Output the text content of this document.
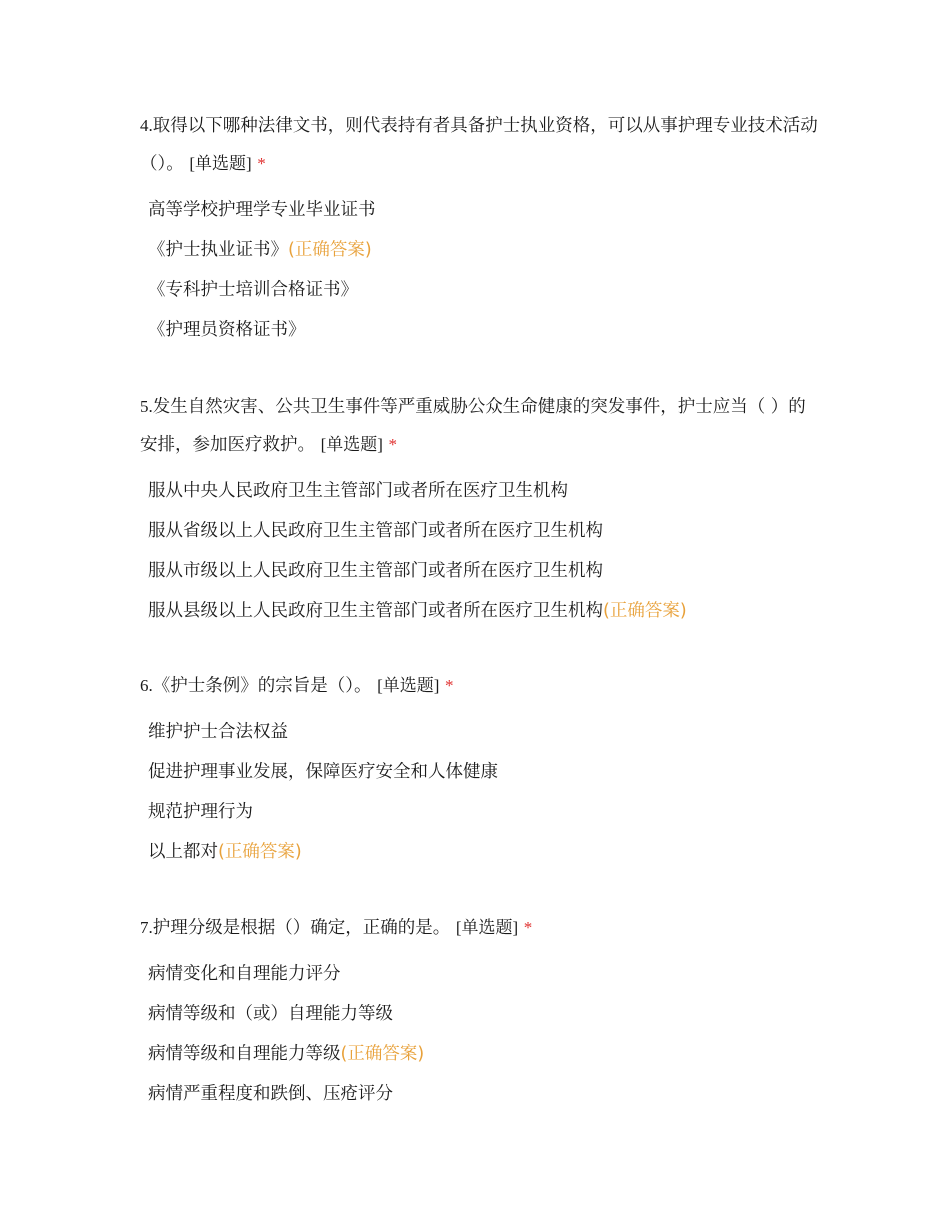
4.取得以下哪种法律文书，则代表持有者具备护士执业资格，可以从事护理专业技术活动（）。 [单选题] *

高等学校护理学专业毕业证书
《护士执业证书》(正确答案)
《专科护士培训合格证书》
《护理员资格证书》

5.发生自然灾害、公共卫生事件等严重威胁公众生命健康的突发事件，护士应当（ ）的安排，参加医疗救护。 [单选题] *

服从中央人民政府卫生主管部门或者所在医疗卫生机构
服从省级以上人民政府卫生主管部门或者所在医疗卫生机构
服从市级以上人民政府卫生主管部门或者所在医疗卫生机构
服从县级以上人民政府卫生主管部门或者所在医疗卫生机构(正确答案)

6.《护士条例》的宗旨是（）。 [单选题] *

维护护士合法权益
促进护理事业发展，保障医疗安全和人体健康
规范护理行为
以上都对(正确答案)

7.护理分级是根据（）确定，正确的是。 [单选题] *

病情变化和自理能力评分
病情等级和（或）自理能力等级
病情等级和自理能力等级(正确答案)
病情严重程度和跌倒、压疮评分
